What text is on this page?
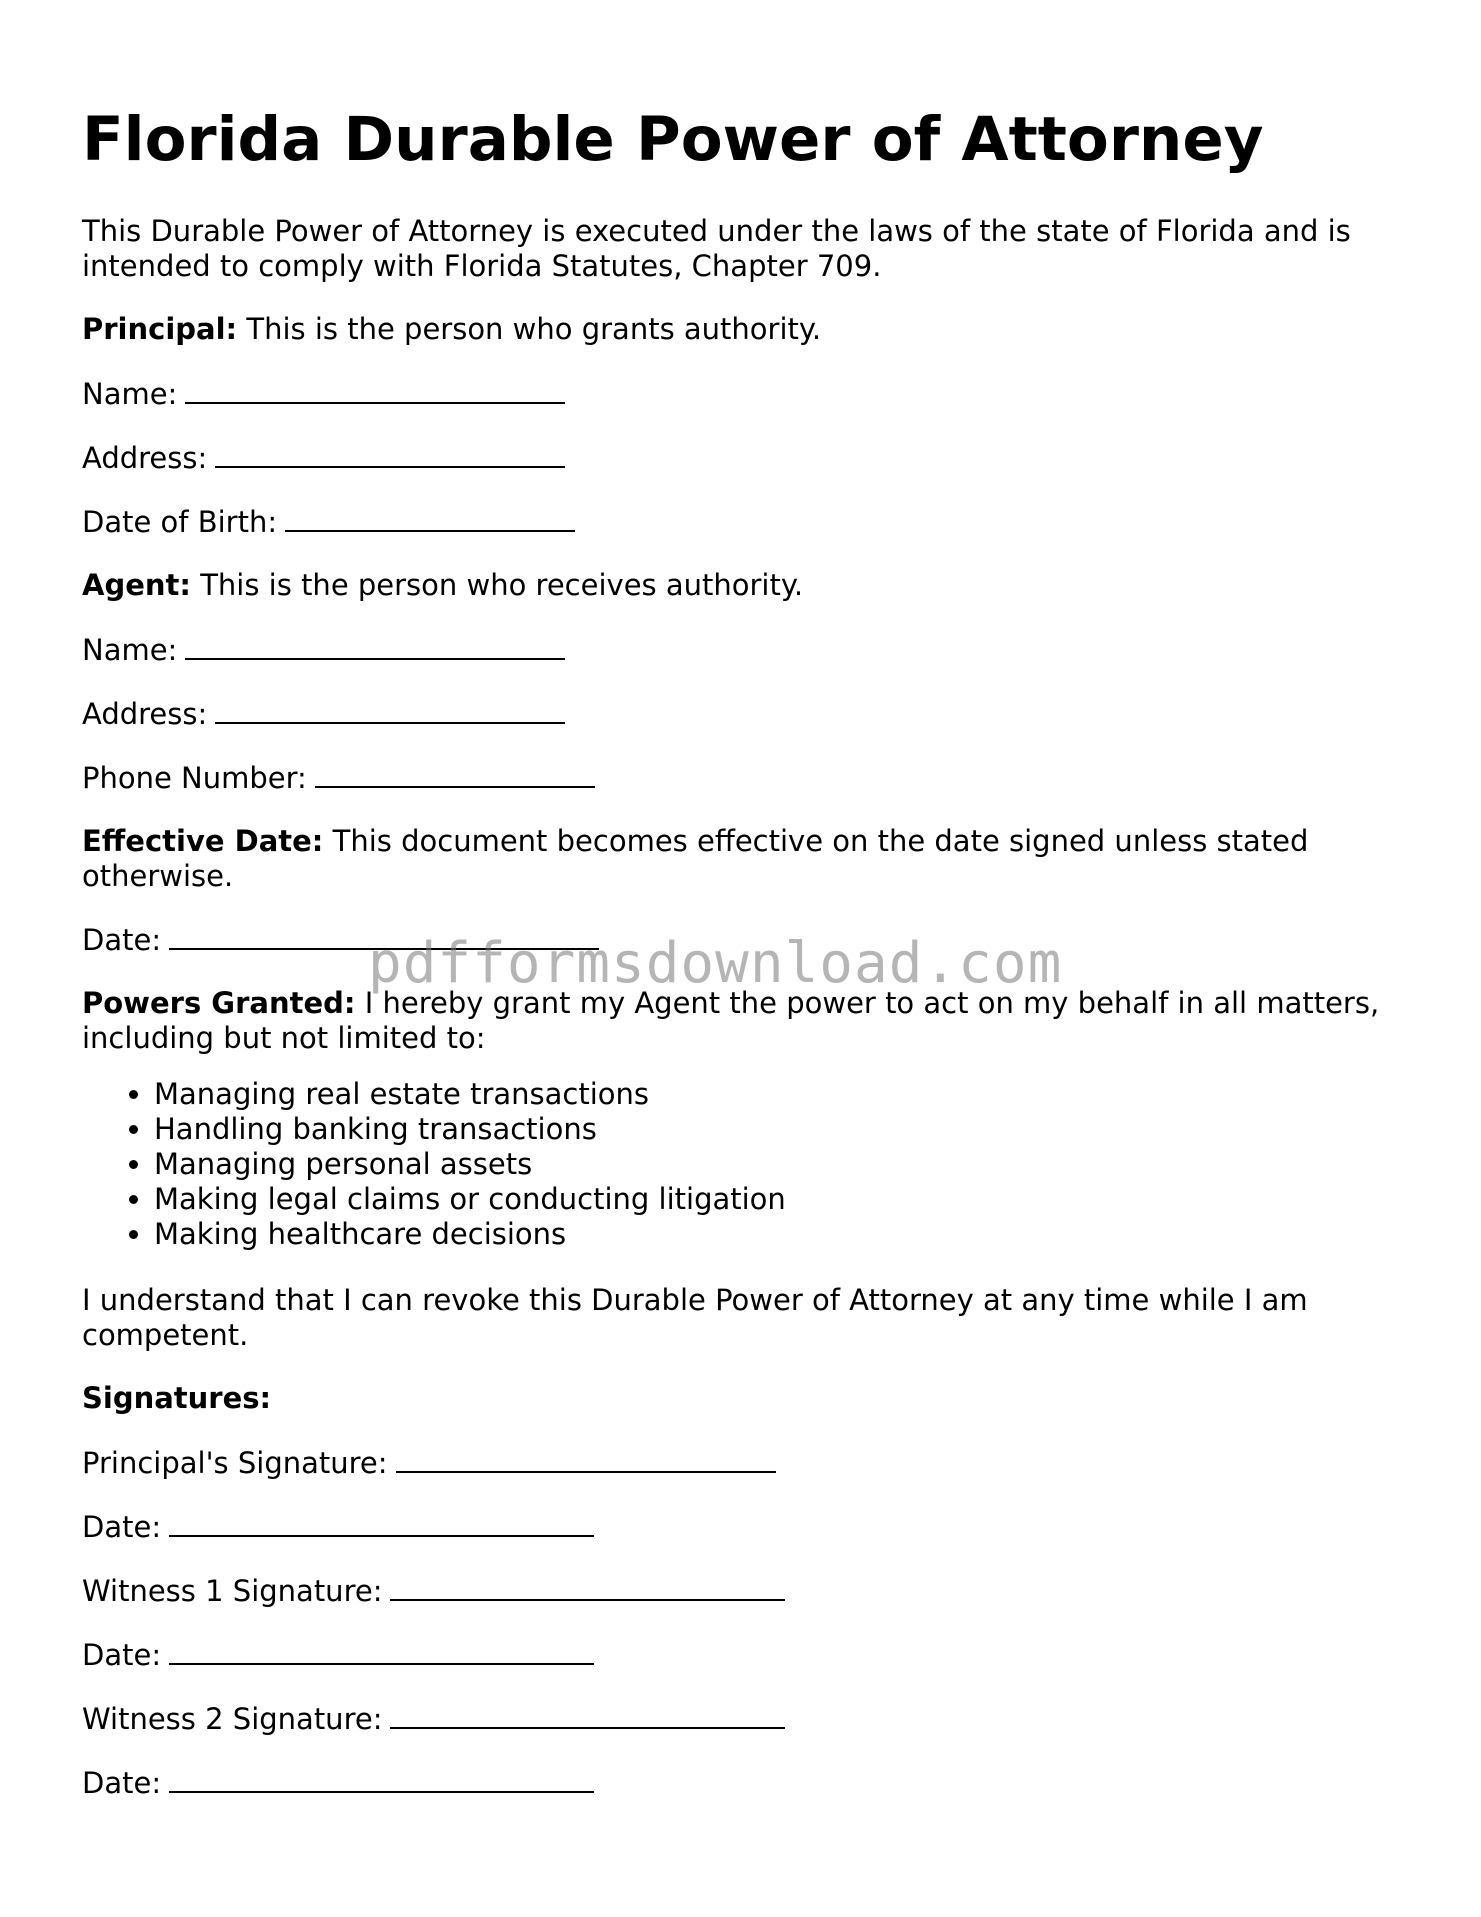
Florida Durable Power of Attorney

This Durable Power of Attorney is executed under the laws of the state of Florida and is intended to comply with Florida Statutes, Chapter 709.

Principal: This is the person who grants authority.

Name:

Address:

Date of Birth:

Agent: This is the person who receives authority.

Name:

Address:

Phone Number:

Effective Date: This document becomes effective on the date signed unless stated otherwise.

Date:

Powers Granted: I hereby grant my Agent the power to act on my behalf in all matters, including but not limited to:

• Managing real estate transactions
• Handling banking transactions
• Managing personal assets
• Making legal claims or conducting litigation
• Making healthcare decisions

I understand that I can revoke this Durable Power of Attorney at any time while I am competent.

Signatures:

Principal's Signature:

Date:

Witness 1 Signature:

Date:

Witness 2 Signature:

Date:

pdfformsdownload.com
